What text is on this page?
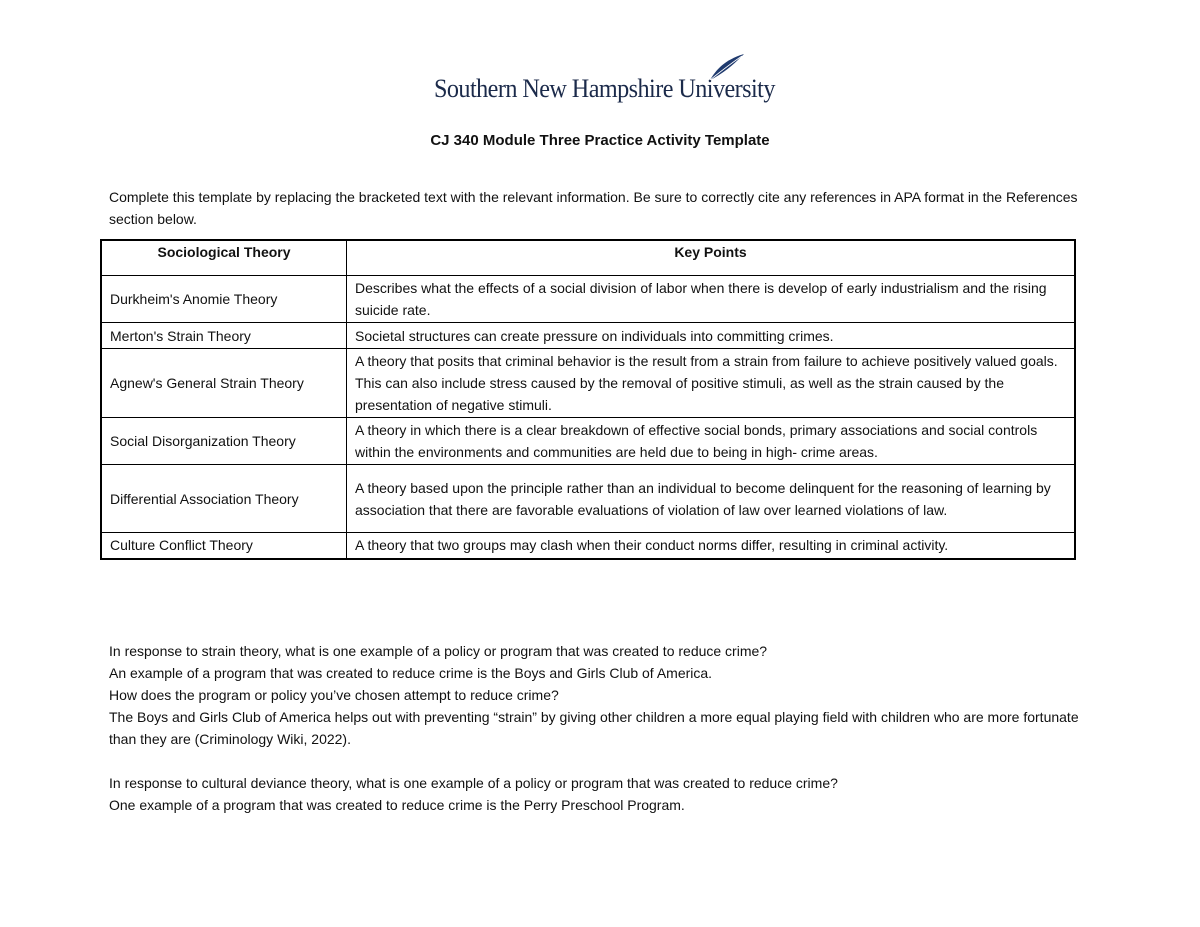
Southern New Hampshire University
CJ 340 Module Three Practice Activity Template
Complete this template by replacing the bracketed text with the relevant information. Be sure to correctly cite any references in APA format in the References section below.
Sociological Theory	Key Points
Durkheim's Anomie Theory	Describes what the effects of a social division of labor when there is develop of early industrialism and the rising suicide rate.
Merton's Strain Theory	Societal structures can create pressure on individuals into committing crimes.
Agnew's General Strain Theory	A theory that posits that criminal behavior is the result from a strain from failure to achieve positively valued goals. This can also include stress caused by the removal of positive stimuli, as well as the strain caused by the presentation of negative stimuli.
Social Disorganization Theory	A theory in which there is a clear breakdown of effective social bonds, primary associations and social controls within the environments and communities are held due to being in high- crime areas.
Differential Association Theory	A theory based upon the principle rather than an individual to become delinquent for the reasoning of learning by association that there are favorable evaluations of violation of law over learned violations of law.
Culture Conflict Theory	A theory that two groups may clash when their conduct norms differ, resulting in criminal activity.

In response to strain theory, what is one example of a policy or program that was created to reduce crime?

An example of a program that was created to reduce crime is the Boys and Girls Club of America.

How does the program or policy you’ve chosen attempt to reduce crime?

The Boys and Girls Club of America helps out with preventing “strain” by giving other children a more equal playing field with children who are more fortunate than they are (Criminology Wiki, 2022).

In response to cultural deviance theory, what is one example of a policy or program that was created to reduce crime?

One example of a program that was created to reduce crime is the Perry Preschool Program.
